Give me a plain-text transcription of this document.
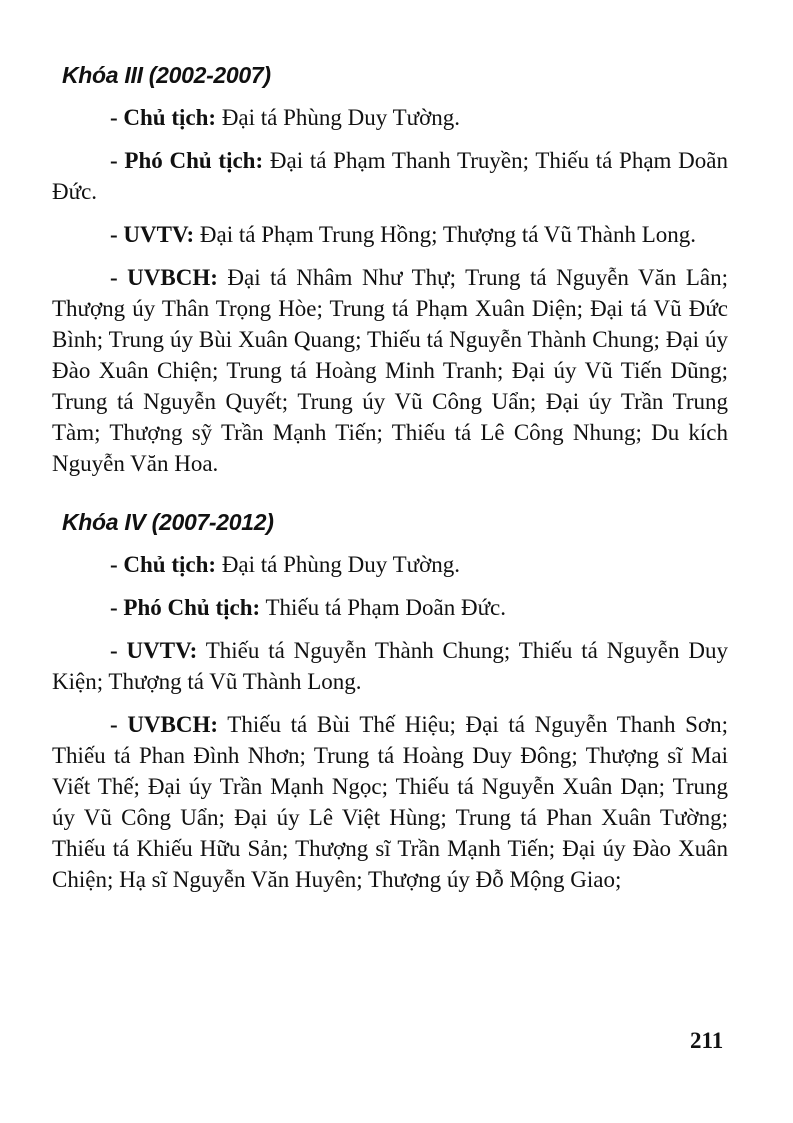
Khóa III (2002-2007)

- Chủ tịch: Đại tá Phùng Duy Tường.

- Phó Chủ tịch: Đại tá Phạm Thanh Truyền; Thiếu tá Phạm Doãn Đức.

- UVTV: Đại tá Phạm Trung Hồng; Thượng tá Vũ Thành Long.

- UVBCH: Đại tá Nhâm Như Thự; Trung tá Nguyễn Văn Lân; Thượng úy Thân Trọng Hòe; Trung tá Phạm Xuân Diện; Đại tá Vũ Đức Bình; Trung úy Bùi Xuân Quang; Thiếu tá Nguyễn Thành Chung; Đại úy Đào Xuân Chiện; Trung tá Hoàng Minh Tranh; Đại úy Vũ Tiến Dũng; Trung tá Nguyễn Quyết; Trung úy Vũ Công Uẩn; Đại úy Trần Trung Tàm; Thượng sỹ Trần Mạnh Tiến; Thiếu tá Lê Công Nhung; Du kích Nguyễn Văn Hoa.

Khóa IV (2007-2012)

- Chủ tịch: Đại tá Phùng Duy Tường.

- Phó Chủ tịch: Thiếu tá Phạm Doãn Đức.

- UVTV: Thiếu tá Nguyễn Thành Chung; Thiếu tá Nguyễn Duy Kiện; Thượng tá Vũ Thành Long.

- UVBCH: Thiếu tá Bùi Thế Hiệu; Đại tá Nguyễn Thanh Sơn; Thiếu tá Phan Đình Nhơn; Trung tá Hoàng Duy Đông; Thượng sĩ Mai Viết Thế; Đại úy Trần Mạnh Ngọc; Thiếu tá Nguyễn Xuân Dạn; Trung úy Vũ Công Uẩn; Đại úy Lê Việt Hùng; Trung tá Phan Xuân Tường; Thiếu tá Khiếu Hữu Sản; Thượng sĩ Trần Mạnh Tiến; Đại úy Đào Xuân Chiện; Hạ sĩ Nguyễn Văn Huyên; Thượng úy Đỗ Mộng Giao;

211
